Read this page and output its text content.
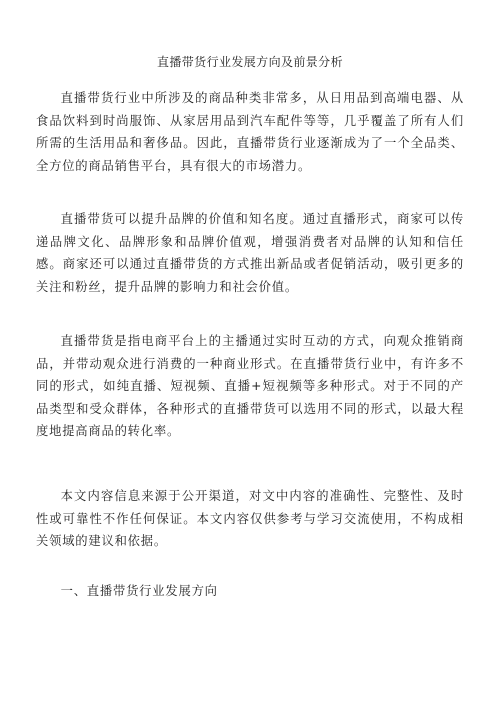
直播带货行业发展方向及前景分析

直播带货行业中所涉及的商品种类非常多，从日用品到高端电器、从食品饮料到时尚服饰、从家居用品到汽车配件等等，几乎覆盖了所有人们所需的生活用品和奢侈品。因此，直播带货行业逐渐成为了一个全品类、全方位的商品销售平台，具有很大的市场潜力。

直播带货可以提升品牌的价值和知名度。通过直播形式，商家可以传递品牌文化、品牌形象和品牌价值观，增强消费者对品牌的认知和信任感。商家还可以通过直播带货的方式推出新品或者促销活动，吸引更多的关注和粉丝，提升品牌的影响力和社会价值。

直播带货是指电商平台上的主播通过实时互动的方式，向观众推销商品，并带动观众进行消费的一种商业形式。在直播带货行业中，有许多不同的形式，如纯直播、短视频、直播+短视频等多种形式。对于不同的产品类型和受众群体，各种形式的直播带货可以选用不同的形式，以最大程度地提高商品的转化率。

本文内容信息来源于公开渠道，对文中内容的准确性、完整性、及时性或可靠性不作任何保证。本文内容仅供参考与学习交流使用，不构成相关领域的建议和依据。

一、直播带货行业发展方向
